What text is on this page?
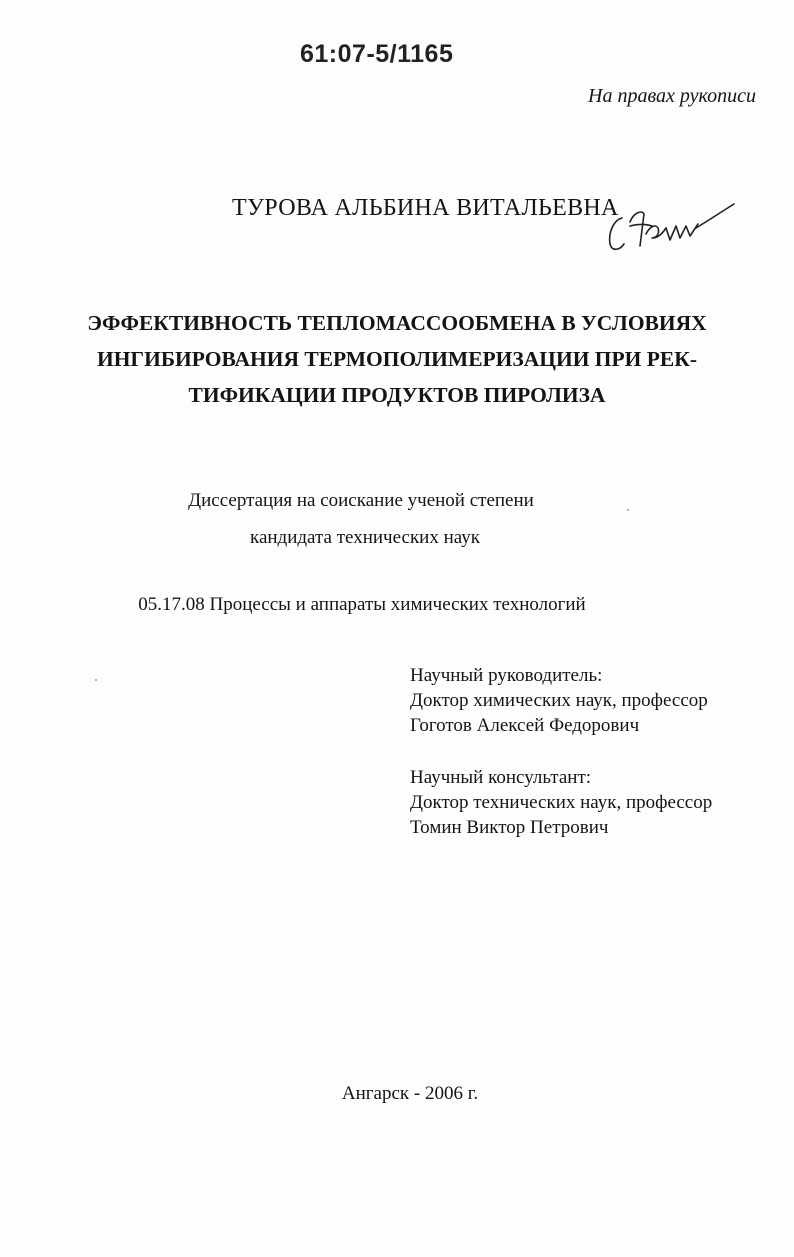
61:07-5/1165
На правах рукописи
ТУРОВА АЛЬБИНА ВИТАЛЬЕВНА
ЭФФЕКТИВНОСТЬ ТЕПЛОМАССООБМЕНА В УСЛОВИЯХ
ИНГИБИРОВАНИЯ ТЕРМОПОЛИМЕРИЗАЦИИ ПРИ РЕК-
ТИФИКАЦИИ ПРОДУКТОВ ПИРОЛИЗА
Диссертация на соискание ученой степени
кандидата технических наук
05.17.08 Процессы и аппараты химических технологий
Научный руководитель:
Доктор химических наук, профессор
Гоготов Алексей Федорович
Научный консультант:
Доктор технических наук, профессор
Томин Виктор Петрович
Ангарск - 2006 г.
